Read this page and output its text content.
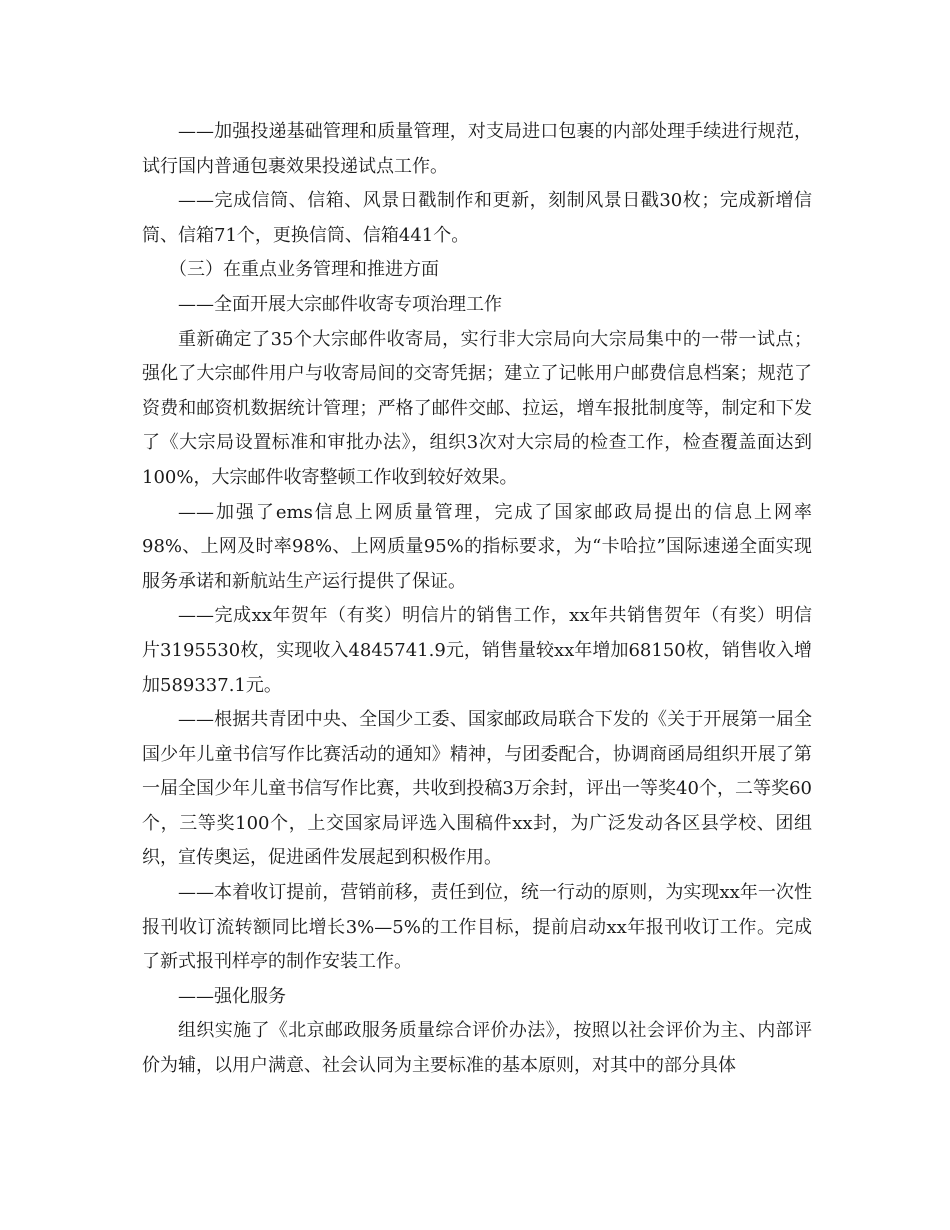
——加强投递基础管理和质量管理，对支局进口包裹的内部处理手续进行规范，试行国内普通包裹效果投递试点工作。

——完成信筒、信箱、风景日戳制作和更新，刻制风景日戳30枚；完成新增信筒、信箱71个，更换信筒、信箱441个。

（三）在重点业务管理和推进方面

——全面开展大宗邮件收寄专项治理工作

重新确定了35个大宗邮件收寄局，实行非大宗局向大宗局集中的一带一试点；强化了大宗邮件用户与收寄局间的交寄凭据；建立了记帐用户邮费信息档案；规范了资费和邮资机数据统计管理；严格了邮件交邮、拉运，增车报批制度等，制定和下发了《大宗局设置标准和审批办法》，组织3次对大宗局的检查工作，检查覆盖面达到100%，大宗邮件收寄整顿工作收到较好效果。

——加强了ems信息上网质量管理，完成了国家邮政局提出的信息上网率98%、上网及时率98%、上网质量95%的指标要求，为“卡哈拉”国际速递全面实现服务承诺和新航站生产运行提供了保证。

——完成xx年贺年（有奖）明信片的销售工作，xx年共销售贺年（有奖）明信片3195530枚，实现收入4845741.9元，销售量较xx年增加68150枚，销售收入增加589337.1元。

——根据共青团中央、全国少工委、国家邮政局联合下发的《关于开展第一届全国少年儿童书信写作比赛活动的通知》精神，与团委配合，协调商函局组织开展了第一届全国少年儿童书信写作比赛，共收到投稿3万余封，评出一等奖40个，二等奖60个，三等奖100个，上交国家局评选入围稿件xx封，为广泛发动各区县学校、团组织，宣传奥运，促进函件发展起到积极作用。

——本着收订提前，营销前移，责任到位，统一行动的原则，为实现xx年一次性报刊收订流转额同比增长3%—5%的工作目标，提前启动xx年报刊收订工作。完成了新式报刊样亭的制作安装工作。

——强化服务

组织实施了《北京邮政服务质量综合评价办法》，按照以社会评价为主、内部评价为辅，以用户满意、社会认同为主要标准的基本原则，对其中的部分具体
